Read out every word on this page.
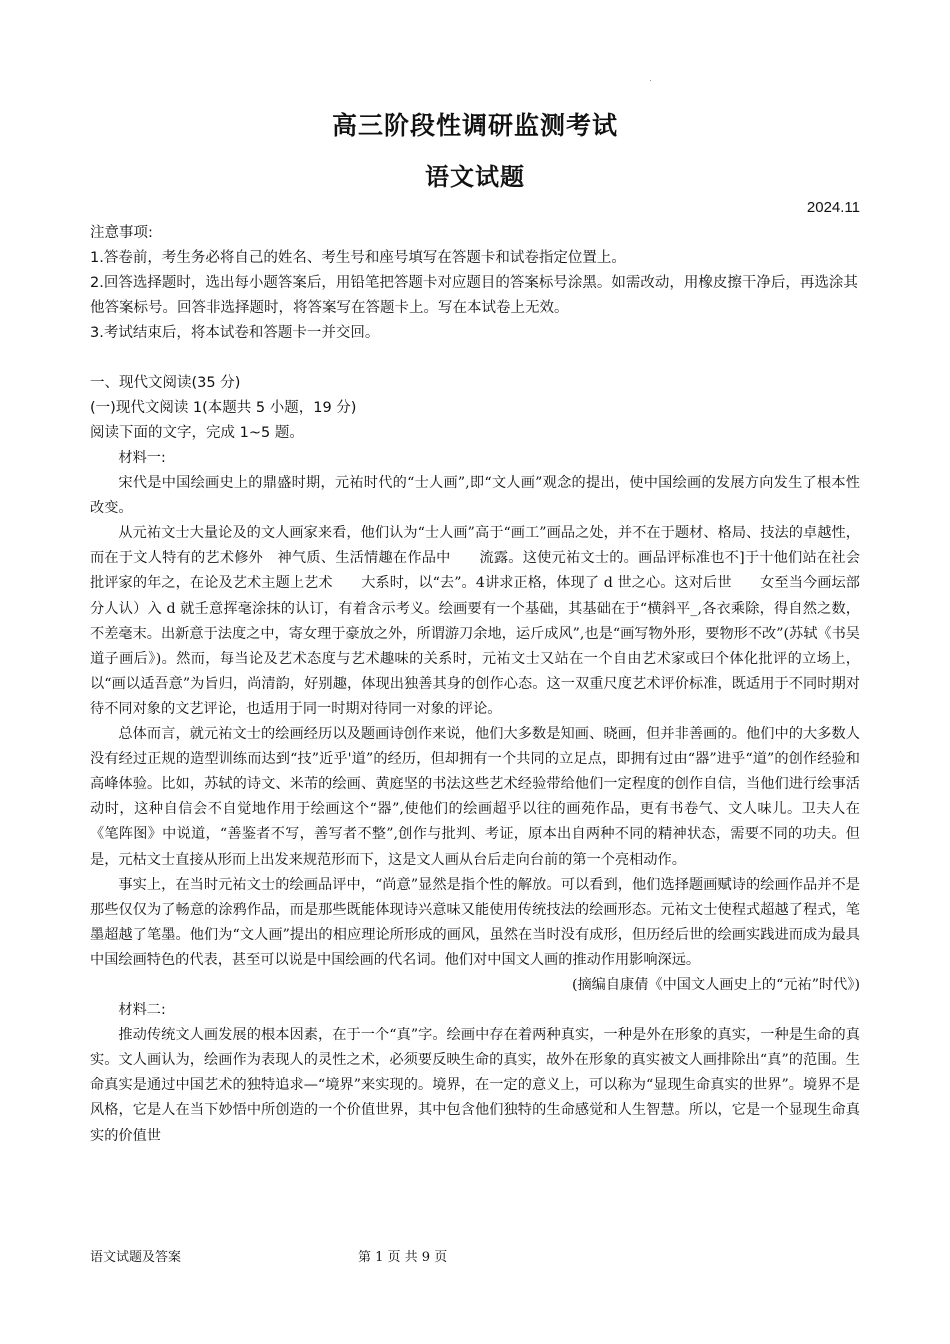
高三阶段性调研监测考试
语文试题
2024.11

注意事项:

1.答卷前，考生务必将自己的姓名、考生号和座号填写在答题卡和试卷指定位置上。

2.回答选择题时，选出每小题答案后，用铅笔把答题卡对应题目的答案标号涂黑。如需改动，用橡皮擦干净后，再选涂其他答案标号。回答非选择题时，将答案写在答题卡上。写在本试卷上无效。

3.考试结束后，将本试卷和答题卡一并交回。

一、现代文阅读(35 分)

(一)现代文阅读 1(本题共 5 小题，19 分)

阅读下面的文字，完成 1~5 题。

材料一:

宋代是中国绘画史上的鼎盛时期，元祐时代的“士人画”,即“文人画”观念的提出，使中国绘画的发展方向发生了根本性改变。

从元祐文士大量论及的文人画家来看，他们认为“士人画”高于“画工”画品之处，并不在于题材、格局、技法的卓越性，而在于文人特有的艺术修外　神气质、生活情趣在作品中　　流露。这使元祐文士的。画品评标准也不]于十他们站在社会批评家的年之，在论及艺术主题上艺术　　大系时，以“去”。4讲求正格，体现了 d 世之心。这对后世　　女至当今画坛部分人认）入 d 就壬意挥毫涂抹的认订，有着含示考义。绘画要有一个基础，其基础在于“横斜平_,各衣乘除，得自然之数，不差毫末。出新意于法度之中，寄女理于豪放之外，所谓游刀余地，运斤成风”,也是“画写物外形，要物形不改”(苏轼《书吴道子画后》)。然而，每当论及艺术态度与艺术趣味的关系时，元祐文士又站在一个自由艺术家或曰个体化批评的立场上，以“画以适吾意”为旨归，尚清韵，好别趣，体现出独善其身的创作心态。这一双重尺度艺术评价标准，既适用于不同时期对待不同对象的文艺评论，也适用于同一时期对待同一对象的评论。

总体而言，就元祐文士的绘画经历以及题画诗创作来说，他们大多数是知画、晓画，但并非善画的。他们中的大多数人没有经过正规的造型训练而达到“技”近乎'道”的经历，但却拥有一个共同的立足点，即拥有过由“器”进乎“道”的创作经验和高峰体验。比如，苏轼的诗文、米芾的绘画、黄庭坚的书法这些艺术经验带给他们一定程度的创作自信，当他们进行绘事活动时，这种自信会不自觉地作用于绘画这个“器”,使他们的绘画超乎以往的画苑作品，更有书卷气、文人味儿。卫夫人在《笔阵图》中说道，“善鉴者不写，善写者不整”,创作与批判、考证，原本出自两种不同的精神状态，需要不同的功夫。但是，元枯文士直接从形而上出发来规范形而下，这是文人画从台后走向台前的第一个亮相动作。

事实上，在当时元祐文士的绘画品评中，“尚意”显然是指个性的解放。可以看到，他们选择题画赋诗的绘画作品并不是那些仅仅为了畅意的涂鸦作品，而是那些既能体现诗兴意味又能使用传统技法的绘画形态。元祐文士使程式超越了程式，笔墨超越了笔墨。他们为“文人画”提出的相应理论所形成的画风，虽然在当时没有成形，但历经后世的绘画实践进而成为最具中国绘画特色的代表，甚至可以说是中国绘画的代名词。他们对中国文人画的推动作用影响深远。

(摘编自康倩《中国文人画史上的“元祐”时代》)

材料二:

推动传统文人画发展的根本因素，在于一个“真”字。绘画中存在着两种真实，一种是外在形象的真实，一种是生命的真实。文人画认为，绘画作为表现人的灵性之术，必须要反映生命的真实，故外在形象的真实被文人画排除出“真”的范围。生命真实是通过中国艺术的独特追求—“境界”来实现的。境界，在一定的意义上，可以称为“显现生命真实的世界”。境界不是风格，它是人在当下妙悟中所创造的一个价值世界，其中包含他们独特的生命感觉和人生智慧。所以，它是一个显现生命真实的价值世

语文试题及答案	第 1 页 共 9 页
